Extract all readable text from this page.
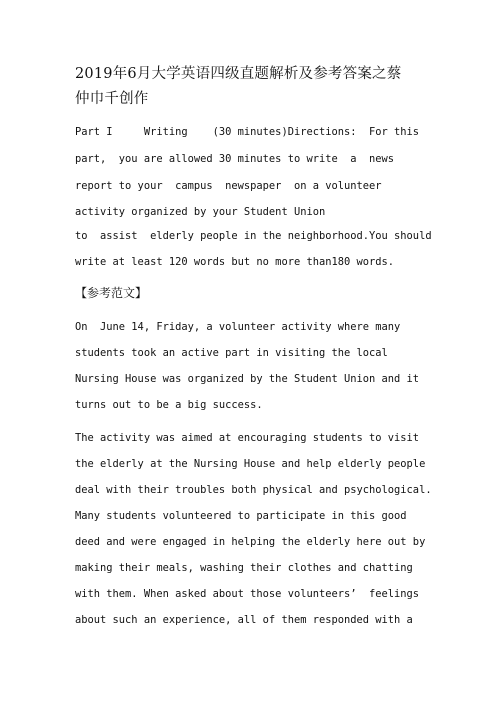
2019年6月大学英语四级直题解析及参考答案之蔡
仲巾千创作
Part I     Writing    (30 minutes)Directions:  For this
part,  you are allowed 30 minutes to write  a  news
report to your  campus  newspaper  on a volunteer
activity organized by your Student Union
to  assist  elderly people in the neighborhood.You should
write at least 120 words but no more than180 words.
【参考范文】
On  June 14, Friday, a volunteer activity where many
students took an active part in visiting the local
Nursing House was organized by the Student Union and it
turns out to be a big success.
The activity was aimed at encouraging students to visit
the elderly at the Nursing House and help elderly people
deal with their troubles both physical and psychological.
Many students volunteered to participate in this good
deed and were engaged in helping the elderly here out by
making their meals, washing their clothes and chatting
with them. When asked about those volunteers’  feelings
about such an experience, all of them responded with a
